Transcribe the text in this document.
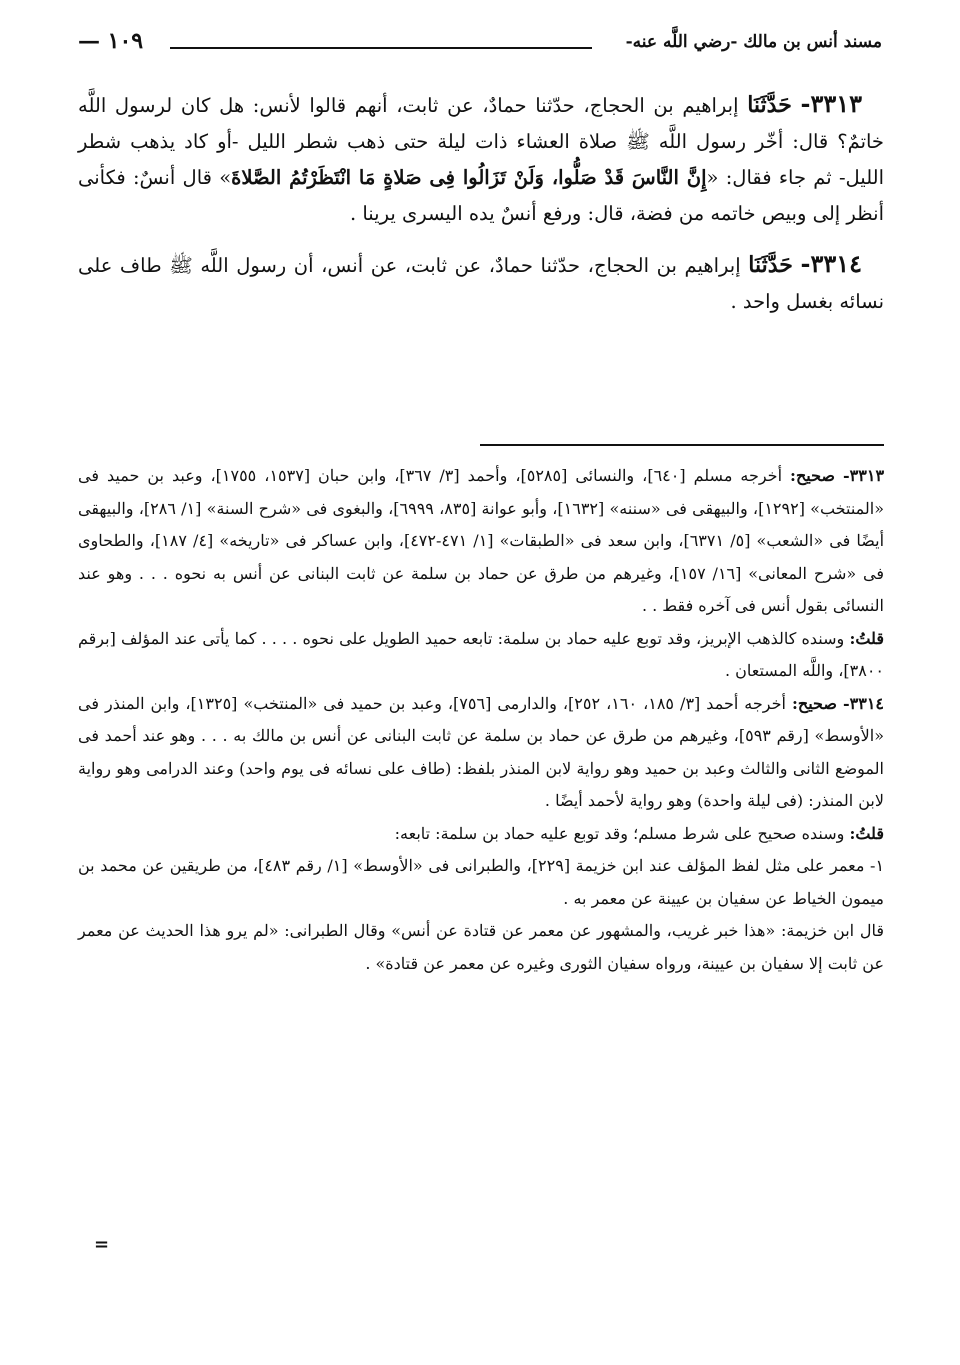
مسند أنس بن مالك -رضي اللَّه عنه-
١٠٩ —

٣٣١٣- حَدَّثَنَا إبراهيم بن الحجاج، حدّثنا حمادٌ، عن ثابت، أنهم قالوا لأنس: هل كان لرسول اللَّه خاتمٌ؟ قال: أخّر رسول اللَّه ﷺ صلاة العشاء ذات ليلة حتى ذهب شطر الليل -أو كاد يذهب شطر الليل- ثم جاء فقال: «إِنَّ النَّاسَ قَدْ صَلُّوا، وَلَنْ تَزَالُوا فِى صَلاةٍ مَا انْتَظَرْتُمُ الصَّلاةَ» قال أنسٌ: فكأنى أنظر إلى وبيص خاتمه من فضة، قال: ورفع أنسٌ يده اليسرى يرينا .

٣٣١٤- حَدَّثَنَا إبراهيم بن الحجاج، حدّثنا حمادٌ، عن ثابت، عن أنس، أن رسول اللَّه ﷺ طاف على نسائه بغسل واحد .

٣٣١٣- صحيح: أخرجه مسلم [٦٤٠]، والنسائى [٥٢٨٥]، وأحمد [٣/ ٣٦٧]، وابن حبان [١٥٣٧، ١٧٥٥]، وعبد بن حميد فى «المنتخب» [١٢٩٢]، والبيهقى فى «سننه» [١٦٣٢]، وأبو عوانة [٨٣٥، ٦٩٩٩]، والبغوى فى «شرح السنة» [١/ ٢٨٦]، والبيهقى أيضًا فى «الشعب» [٥/ ٦٣٧١]، وابن سعد فى «الطبقات» [١/ ٤٧١-٤٧٢]، وابن عساكر فى «تاريخه» [٤/ ١٨٧]، والطحاوى فى «شرح المعانى» [١٦/ ١٥٧]، وغيرهم من طرق عن حماد بن سلمة عن ثابت البنانى عن أنس به نحوه . . . وهو عند النسائى بقول أنس فى آخره فقط . .

قلتُ: وسنده كالذهب الإبريز، وقد توبع عليه حماد بن سلمة: تابعه حميد الطويل على نحوه . . . . كما يأتى عند المؤلف [برقم ٣٨٠٠]، واللَّه المستعان .

٣٣١٤- صحيح: أخرجه أحمد [٣/ ١٨٥، ١٦٠، ٢٥٢]، والدارمى [٧٥٦]، وعبد بن حميد فى «المنتخب» [١٣٢٥]، وابن المنذر فى «الأوسط» [رقم ٥٩٣]، وغيرهم من طرق عن حماد بن سلمة عن ثابت البنانى عن أنس بن مالك به . . . وهو عند أحمد فى الموضع الثانى والثالث وعبد بن حميد وهو رواية لابن المنذر بلفظ: (طاف على نسائه فى يوم واحد) وعند الدرامى وهو رواية لابن المنذر: (فى ليلة واحدة) وهو رواية لأحمد أيضًا .

قلتُ: وسنده صحيح على شرط مسلم؛ وقد توبع عليه حماد بن سلمة: تابعه:

١- معمر على مثل لفظ المؤلف عند ابن خزيمة [٢٢٩]، والطبرانى فى «الأوسط» [١/ رقم ٤٨٣]، من طريقين عن محمد بن ميمون الخياط عن سفيان بن عيينة عن معمر به .

قال ابن خزيمة: «هذا خبر غريب، والمشهور عن معمر عن قتادة عن أنس» وقال الطبرانى: «لم يرو هذا الحديث عن معمر عن ثابت إلا سفيان بن عيينة، ورواه سفيان الثورى وغيره عن معمر عن قتادة» .

=
